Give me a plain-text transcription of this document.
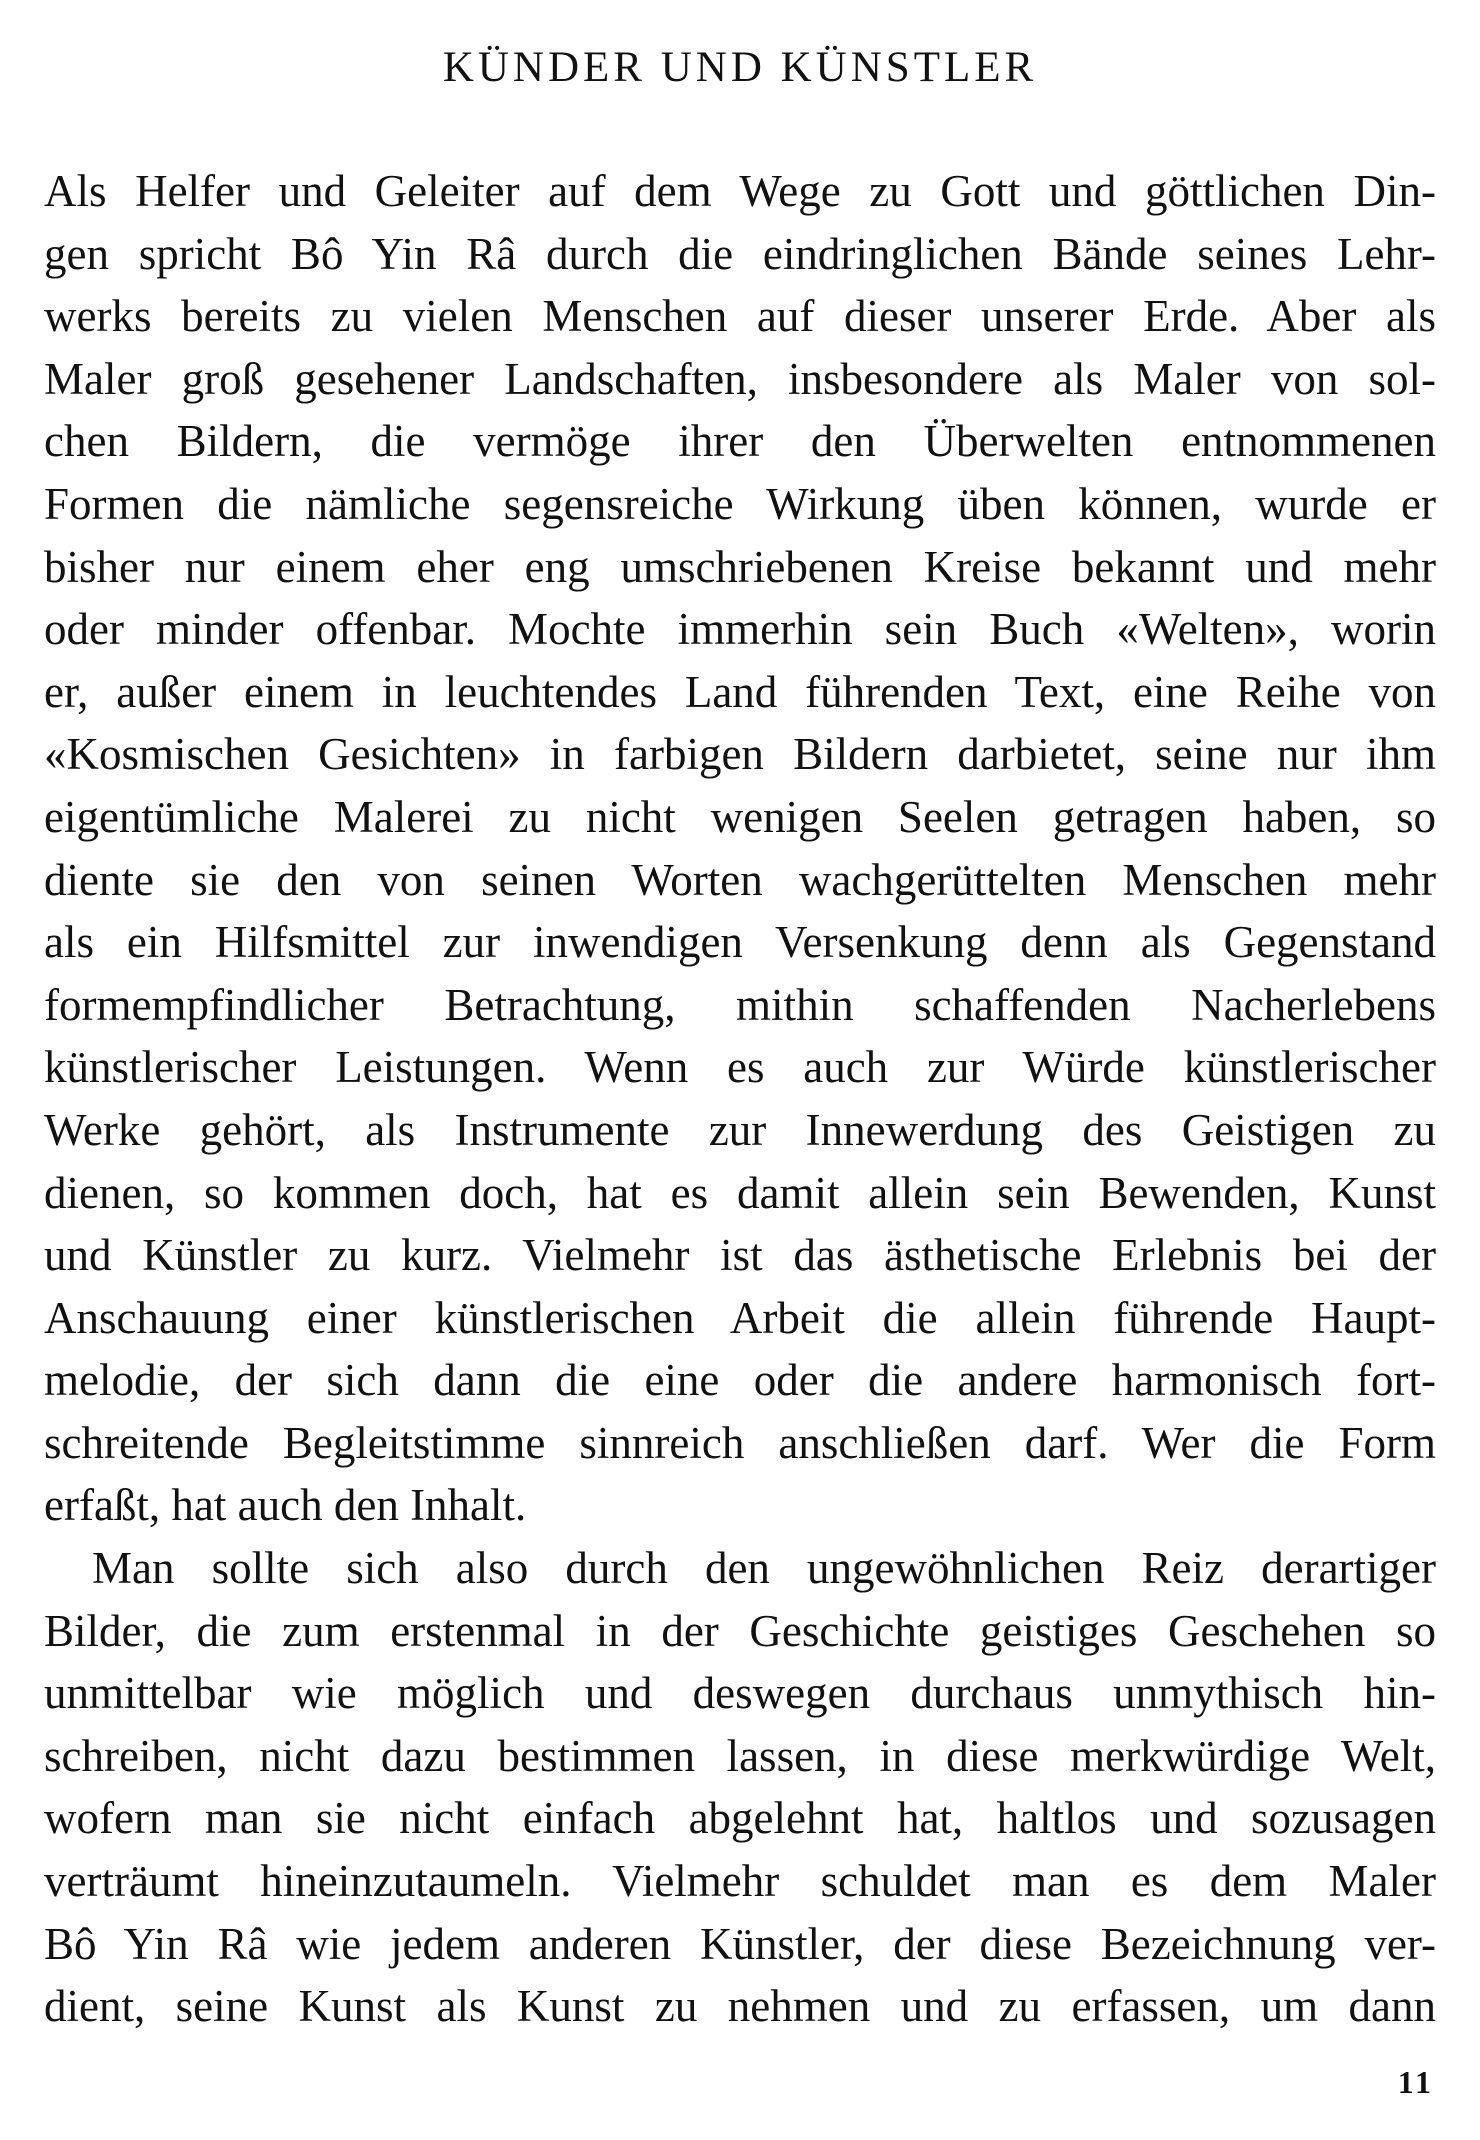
KÜNDER UND KÜNSTLER
Als Helfer und Geleiter auf dem Wege zu Gott und göttlichen Din-
gen spricht Bô Yin Râ durch die eindringlichen Bände seines Lehr-
werks bereits zu vielen Menschen auf dieser unserer Erde. Aber als
Maler groß gesehener Landschaften, insbesondere als Maler von sol-
chen Bildern, die vermöge ihrer den Überwelten entnommenen
Formen die nämliche segensreiche Wirkung üben können, wurde er
bisher nur einem eher eng umschriebenen Kreise bekannt und mehr
oder minder offenbar. Mochte immerhin sein Buch «Welten», worin
er, außer einem in leuchtendes Land führenden Text, eine Reihe von
«Kosmischen Gesichten» in farbigen Bildern darbietet, seine nur ihm
eigentümliche Malerei zu nicht wenigen Seelen getragen haben, so
diente sie den von seinen Worten wachgerüttelten Menschen mehr
als ein Hilfsmittel zur inwendigen Versenkung denn als Gegenstand
formempfindlicher Betrachtung, mithin schaffenden Nacherlebens
künstlerischer Leistungen. Wenn es auch zur Würde künstlerischer
Werke gehört, als Instrumente zur Innewerdung des Geistigen zu
dienen, so kommen doch, hat es damit allein sein Bewenden, Kunst
und Künstler zu kurz. Vielmehr ist das ästhetische Erlebnis bei der
Anschauung einer künstlerischen Arbeit die allein führende Haupt-
melodie, der sich dann die eine oder die andere harmonisch fort-
schreitende Begleitstimme sinnreich anschließen darf. Wer die Form
erfaßt, hat auch den Inhalt.
Man sollte sich also durch den ungewöhnlichen Reiz derartiger
Bilder, die zum erstenmal in der Geschichte geistiges Geschehen so
unmittelbar wie möglich und deswegen durchaus unmythisch hin-
schreiben, nicht dazu bestimmen lassen, in diese merkwürdige Welt,
wofern man sie nicht einfach abgelehnt hat, haltlos und sozusagen
verträumt hineinzutaumeln. Vielmehr schuldet man es dem Maler
Bô Yin Râ wie jedem anderen Künstler, der diese Bezeichnung ver-
dient, seine Kunst als Kunst zu nehmen und zu erfassen, um dann
11
